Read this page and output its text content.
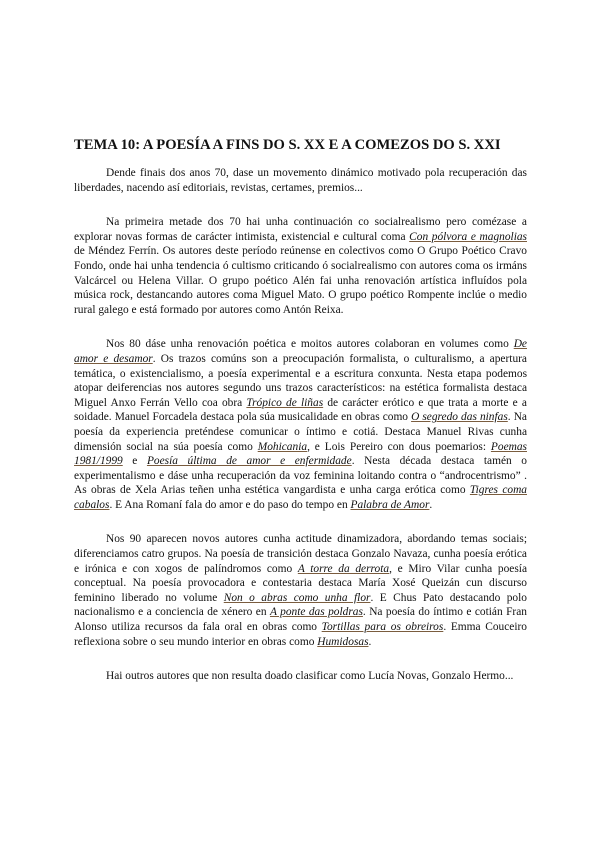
TEMA 10: A POESÍA A FINS DO S. XX E A COMEZOS DO S. XXI

Dende finais dos anos 70, dase un movemento dinámico motivado pola recuperación das liberdades, nacendo así editoriais, revistas, certames, premios...

Na primeira metade dos 70 hai unha continuación co socialrealismo pero comézase a explorar novas formas de carácter intimista, existencial e cultural coma Con pólvora e magnolias de Méndez Ferrín. Os autores deste período reúnense en colectivos como O Grupo Poético Cravo Fondo, onde hai unha tendencia ó cultismo criticando ó socialrealismo con autores coma os irmáns Valcárcel ou Helena Villar. O grupo poético Alén fai unha renovación artística influídos pola música rock, destancando autores coma Miguel Mato. O grupo poético Rompente inclúe o medio rural galego e está formado por autores como Antón Reixa.

Nos 80 dáse unha renovación poética e moitos autores colaboran en volumes como De amor e desamor. Os trazos comúns son a preocupación formalista, o culturalismo, a apertura temática, o existencialismo, a poesía experimental e a escritura conxunta. Nesta etapa podemos atopar deiferencias nos autores segundo uns trazos característicos: na estética formalista destaca Miguel Anxo Ferrán Vello coa obra Trópico de liñas de carácter erótico e que trata a morte e a soidade. Manuel Forcadela destaca pola súa musicalidade en obras como O segredo das ninfas. Na poesía da experiencia preténdese comunicar o íntimo e cotiá. Destaca Manuel Rivas cunha dimensión social na súa poesía como Mohicania, e Lois Pereiro con dous poemarios: Poemas 1981/1999 e Poesía última de amor e enfermidade. Nesta década destaca tamén o experimentalismo e dáse unha recuperación da voz feminina loitando contra o “androcentrismo” . As obras de Xela Arias teñen unha estética vangardista e unha carga erótica como Tigres coma cabalos. E Ana Romaní fala do amor e do paso do tempo en Palabra de Amor.

Nos 90 aparecen novos autores cunha actitude dinamizadora, abordando temas sociais; diferenciamos catro grupos. Na poesía de transición destaca Gonzalo Navaza, cunha poesía erótica e irónica e con xogos de palíndromos como A torre da derrota, e Miro Vilar cunha poesía conceptual. Na poesía provocadora e contestaria destaca María Xosé Queizán cun discurso feminino liberado no volume Non o abras como unha flor. E Chus Pato destacando polo nacionalismo e a conciencia de xénero en A ponte das poldras. Na poesía do íntimo e cotián Fran Alonso utiliza recursos da fala oral en obras como Tortillas para os obreiros. Emma Couceiro reflexiona sobre o seu mundo interior en obras como Humidosas.

Hai outros autores que non resulta doado clasificar como Lucía Novas, Gonzalo Hermo...
